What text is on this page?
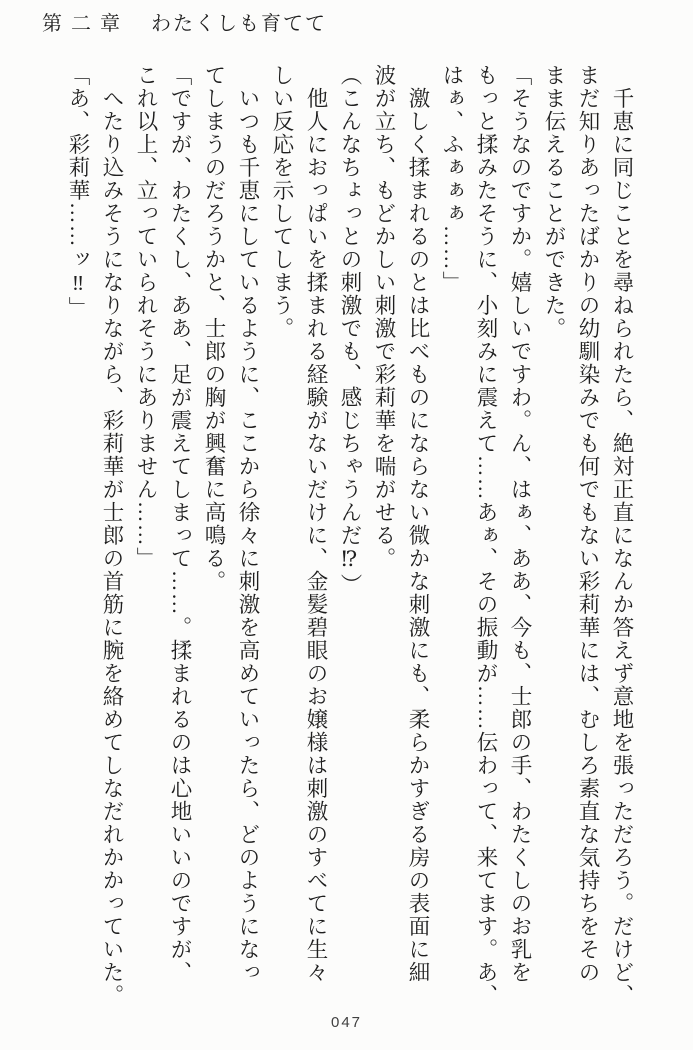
第二章 わたくしも育てて

千恵に同じことを尋ねられたら、絶対正直になんか答えず意地を張っただろう。だけど、

まだ知りあったばかりの幼馴染みでも何でもない彩莉華には、むしろ素直な気持ちをその

まま伝えることができた。

「そうなのですか。嬉しいですわ。ん、はぁ、ああ、今も、士郎の手、わたくしのお乳を

もっと揉みたそうに、小刻みに震えて……あぁ、その振動が……伝わって、来てます。あ、

はぁ、ふぁぁぁ……」

激しく揉まれるのとは比べものにならない微かな刺激にも、柔らかすぎる房の表面に細

波が立ち、もどかしい刺激で彩莉華を喘がせる。

（こんなちょっとの刺激でも、感じちゃうんだ⁉）

他人におっぱいを揉まれる経験がないだけに、金髪碧眼のお嬢様は刺激のすべてに生々

しい反応を示してしまう。

いつも千恵にしているように、ここから徐々に刺激を高めていったら、どのようになっ

てしまうのだろうかと、士郎の胸が興奮に高鳴る。

「ですが、わたくし、ああ、足が震えてしまって……。揉まれるのは心地いいのですが、

これ以上、立っていられそうにありません……」

へたり込みそうになりながら、彩莉華が士郎の首筋に腕を絡めてしなだれかかっていた。

「あ、彩莉華……ッ‼」

047
